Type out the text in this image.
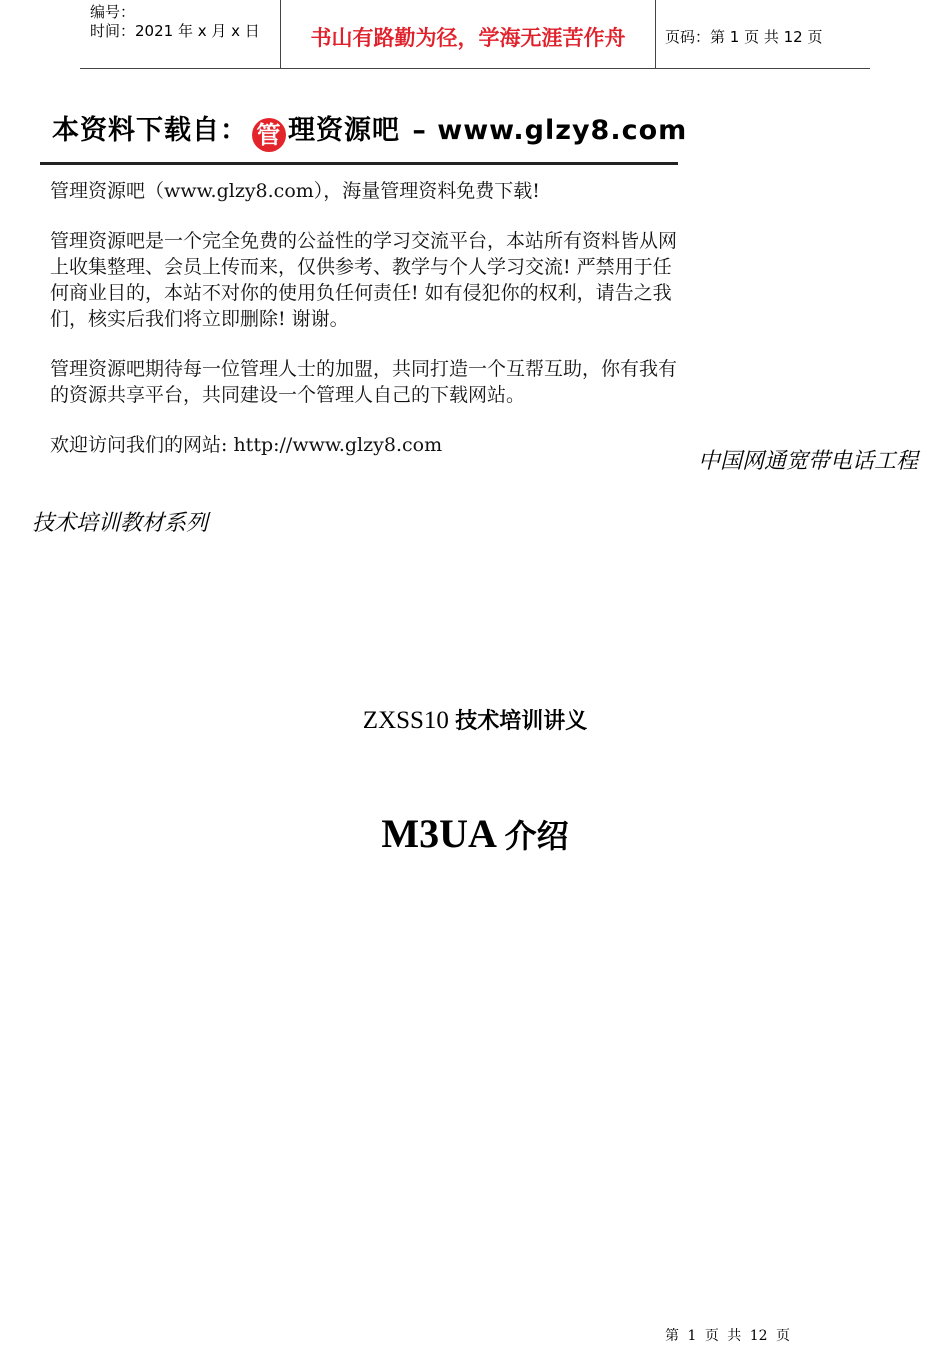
编号：
时间：2021 年 x 月 x 日	书山有路勤为径，学海无涯苦作舟	页码：第 1 页 共 12 页
本资料下载自： 管 理资源吧 – www.glzy8.com

管理资源吧（www.glzy8.com），海量管理资料免费下载!

管理资源吧是一个完全免费的公益性的学习交流平台，本站所有资料皆从网上收集整理、会员上传而来，仅供参考、教学与个人学习交流! 严禁用于任何商业目的，本站不对你的使用负任何责任! 如有侵犯你的权利，请告之我们，核实后我们将立即删除! 谢谢。

管理资源吧期待每一位管理人士的加盟，共同打造一个互帮互助，你有我有的资源共享平台，共同建设一个管理人自己的下载网站。

欢迎访问我们的网站: http://www.glzy8.com

中国网通宽带电话工程
技术培训教材系列
ZXSS10 技术培训讲义
M3UA 介绍
第 1 页 共 12 页
